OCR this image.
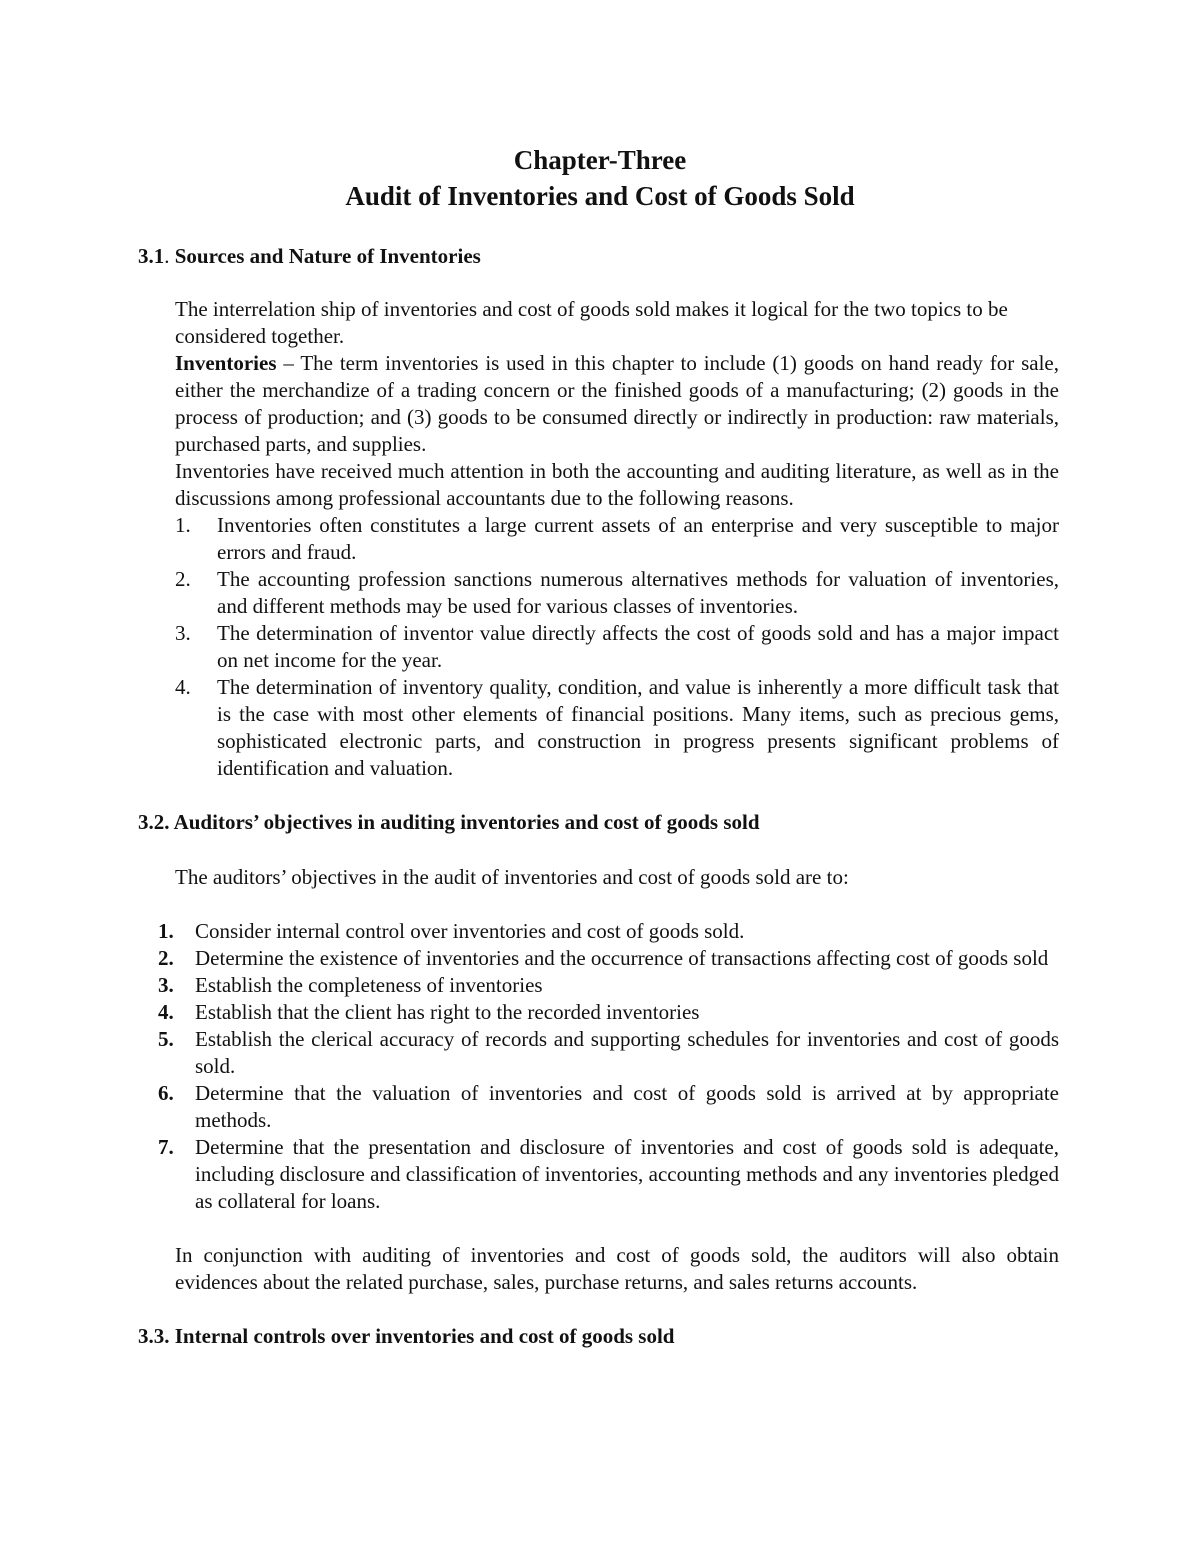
Chapter-Three
Audit of Inventories and Cost of Goods Sold
3.1. Sources and Nature of Inventories

The interrelation ship of inventories and cost of goods sold makes it logical for the two topics to be considered together.

Inventories – The term inventories is used in this chapter to include (1) goods on hand ready for sale, either the merchandize of a trading concern or the finished goods of a manufacturing; (2) goods in the process of production; and (3) goods to be consumed directly or indirectly in production: raw materials, purchased parts, and supplies.

Inventories have received much attention in both the accounting and auditing literature, as well as in the discussions among professional accountants due to the following reasons.

1. Inventories often constitutes a large current assets of an enterprise and very susceptible to major errors and fraud.
2. The accounting profession sanctions numerous alternatives methods for valuation of inventories, and different methods may be used for various classes of inventories.
3. The determination of inventor value directly affects the cost of goods sold and has a major impact on net income for the year.
4. The determination of inventory quality, condition, and value is inherently a more difficult task that is the case with most other elements of financial positions. Many items, such as precious gems, sophisticated electronic parts, and construction in progress presents significant problems of identification and valuation.
3.2. Auditors’ objectives in auditing inventories and cost of goods sold

The auditors’ objectives in the audit of inventories and cost of goods sold are to:

1. Consider internal control over inventories and cost of goods sold.
2. Determine the existence of inventories and the occurrence of transactions affecting cost of goods sold
3. Establish the completeness of inventories
4. Establish that the client has right to the recorded inventories
5. Establish the clerical accuracy of records and supporting schedules for inventories and cost of goods sold.
6. Determine that the valuation of inventories and cost of goods sold is arrived at by appropriate methods.
7. Determine that the presentation and disclosure of inventories and cost of goods sold is adequate, including disclosure and classification of inventories, accounting methods and any inventories pledged as collateral for loans.

In conjunction with auditing of inventories and cost of goods sold, the auditors will also obtain evidences about the related purchase, sales, purchase returns, and sales returns accounts.

3.3. Internal controls over inventories and cost of goods sold
